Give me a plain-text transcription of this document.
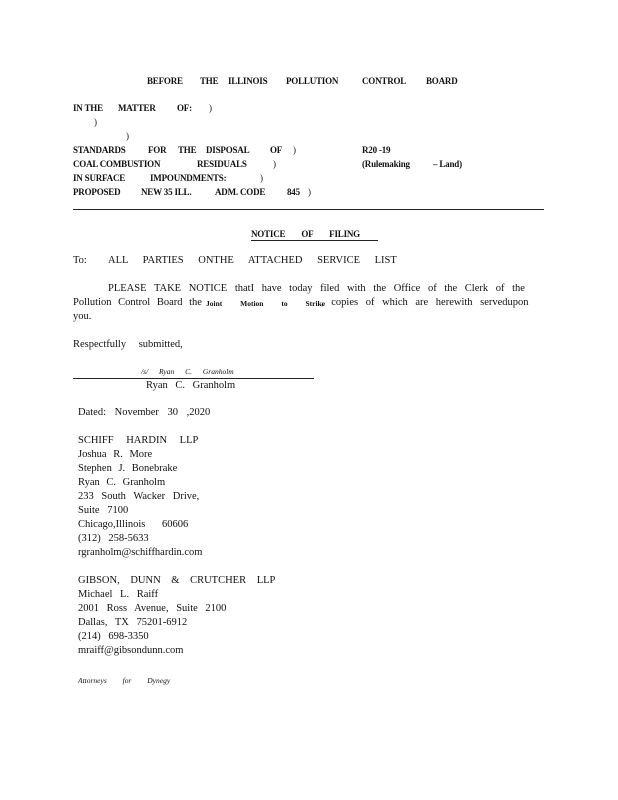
BEFORE THE ILLINOIS POLLUTION	CONTROL BOARD
IN THE MATTER OF: )
)
)
STANDARDS FOR THE DISPOSAL OF )	R20 -19
COAL COMBUSTION	RESIDUALS	)	(Rulemaking	– Land)
IN SURFACE	IMPOUNDMENTS:	)
PROPOSED NEW 35 ILL.	ADM. CODE 845 )
NOTICE OF FILING
To: ALL PARTIES ONTHE ATTACHED SERVICE LIST
PLEASE TAKE NOTICE thatI have today filed with the Office of the Clerk of the
Pollution Control Board the Joint Motion to Strike
, copies of which are herewith servedupon
you.
Respectfully submitted,
/s/ Ryan C. Granholm
Ryan C. Granholm
Dated: November 30 ,2020
SCHIFF HARDIN LLP
Joshua R. More
Stephen J. Bonebrake
Ryan C. Granholm
233 South Wacker Drive,
Suite 7100
Chicago,Illinois 60606
(312) 258-5633
rgranholm@schiffhardin.com
GIBSON, DUNN & CRUTCHER LLP
Michael L. Raiff
2001 Ross Avenue, Suite 2100
Dallas, TX 75201-6912
(214) 698-3350
mraiff@gibsondunn.com
Attorneys for Dynegy
